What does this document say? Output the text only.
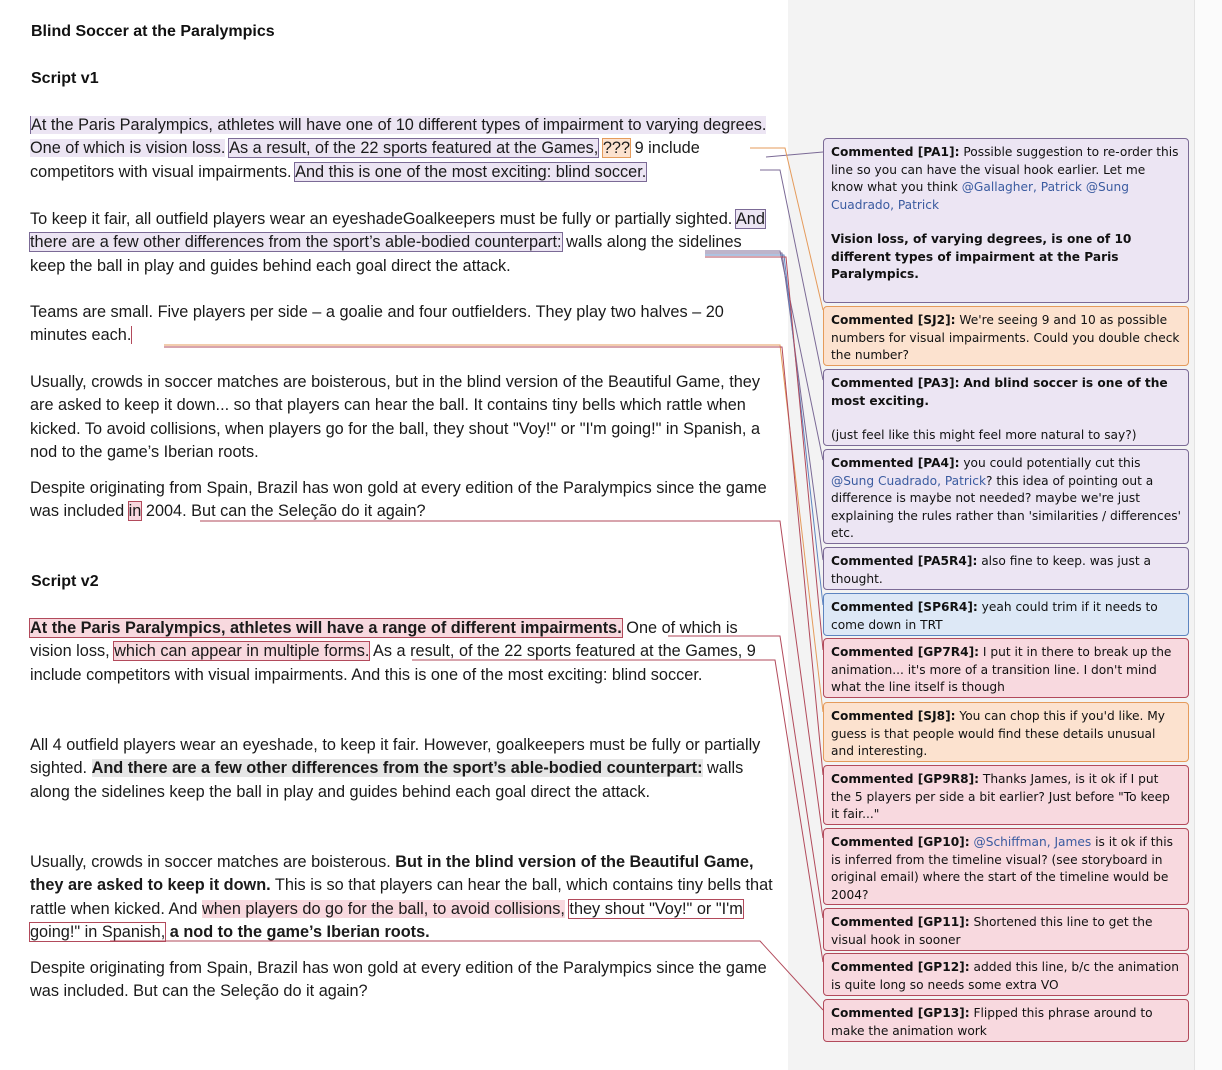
Blind Soccer at the Paralympics
Script v1
At the Paris Paralympics, athletes will have one of 10 different types of impairment to varying degrees. One of which is vision loss. As a result, of the 22 sports featured at the Games, ??? 9 include competitors with visual impairments. And this is one of the most exciting: blind soccer.
To keep it fair, all outfield players wear an eyeshadeGoalkeepers must be fully or partially sighted. And there are a few other differences from the sport’s able-bodied counterpart: walls along the sidelines keep the ball in play and guides behind each goal direct the attack.
Teams are small. Five players per side – a goalie and four outfielders. They play two halves – 20 minutes each.
Usually, crowds in soccer matches are boisterous, but in the blind version of the Beautiful Game, they are asked to keep it down... so that players can hear the ball. It contains tiny bells which rattle when kicked. To avoid collisions, when players go for the ball, they shout "Voy!" or "I'm going!" in Spanish, a nod to the game’s Iberian roots.
Despite originating from Spain, Brazil has won gold at every edition of the Paralympics since the game was included in 2004. But can the Seleção do it again?
Script v2
At the Paris Paralympics, athletes will have a range of different impairments. One of which is vision loss, which can appear in multiple forms. As a result, of the 22 sports featured at the Games, 9 include competitors with visual impairments. And this is one of the most exciting: blind soccer.
All 4 outfield players wear an eyeshade, to keep it fair. However, goalkeepers must be fully or partially sighted. And there are a few other differences from the sport’s able-bodied counterpart: walls along the sidelines keep the ball in play and guides behind each goal direct the attack.
Usually, crowds in soccer matches are boisterous. But in the blind version of the Beautiful Game, they are asked to keep it down. This is so that players can hear the ball, which contains tiny bells that rattle when kicked. And when players do go for the ball, to avoid collisions, they shout "Voy!" or "I'm going!" in Spanish, a nod to the game’s Iberian roots.
Despite originating from Spain, Brazil has won gold at every edition of the Paralympics since the game was included. But can the Seleção do it again?
Commented [PA1]: Possible suggestion to re-order this line so you can have the visual hook earlier. Let me know what you think @Gallagher, Patrick @Sung Cuadrado, Patrick
Vision loss, of varying degrees, is one of 10 different types of impairment at the Paris Paralympics.
Commented [SJ2]: We're seeing 9 and 10 as possible numbers for visual impairments. Could you double check the number?
Commented [PA3]: And blind soccer is one of the most exciting.
(just feel like this might feel more natural to say?)
Commented [PA4]: you could potentially cut this @Sung Cuadrado, Patrick? this idea of pointing out a difference is maybe not needed? maybe we're just explaining the rules rather than 'similarities / differences' etc.
Commented [PA5R4]: also fine to keep. was just a thought.
Commented [SP6R4]: yeah could trim if it needs to come down in TRT
Commented [GP7R4]: I put it in there to break up the animation... it's more of a transition line. I don't mind what the line itself is though
Commented [SJ8]: You can chop this if you'd like. My guess is that people would find these details unusual and interesting.
Commented [GP9R8]: Thanks James, is it ok if I put the 5 players per side a bit earlier? Just before "To keep it fair..."
Commented [GP10]: @Schiffman, James is it ok if this is inferred from the timeline visual? (see storyboard in original email) where the start of the timeline would be 2004?
Commented [GP11]: Shortened this line to get the visual hook in sooner
Commented [GP12]: added this line, b/c the animation is quite long so needs some extra VO
Commented [GP13]: Flipped this phrase around to make the animation work
